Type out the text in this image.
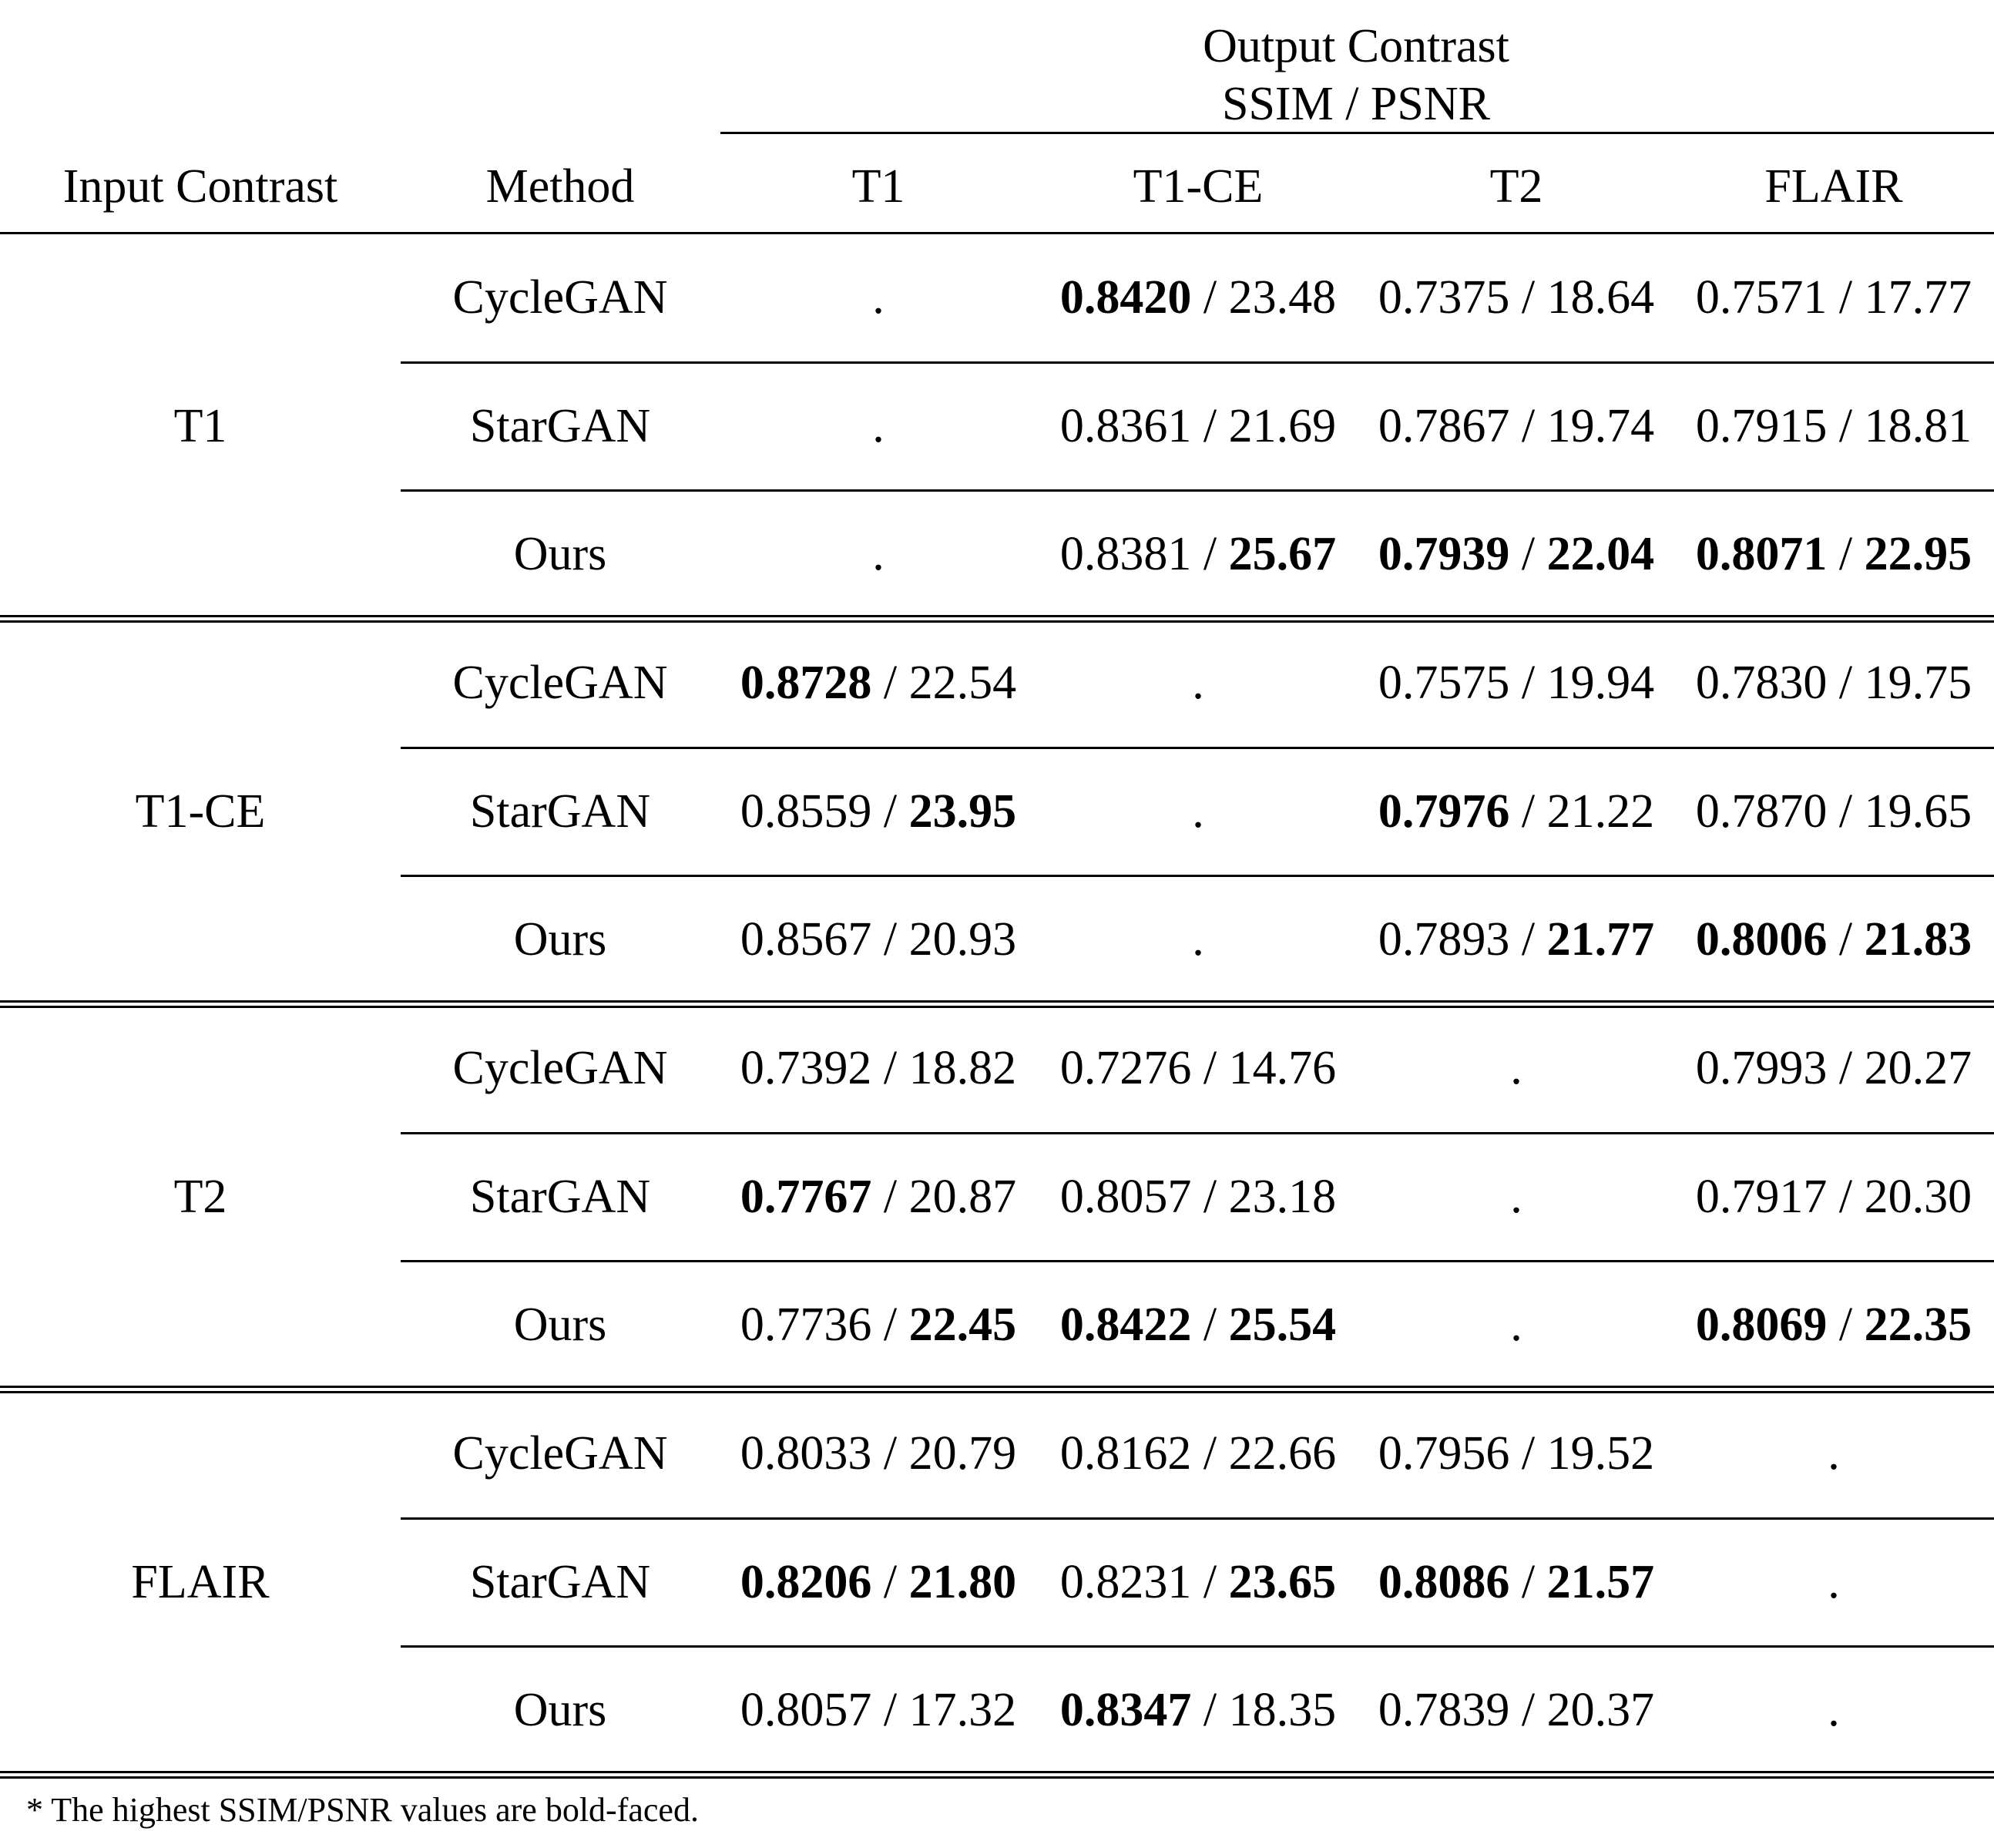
Output Contrast
SSIM / PSNR
Input Contrast	Method	T1	T1-CE	T2	FLAIR
T1
CycleGAN	.	0.8420 / 23.48 0.7375 / 18.64 0.7571 / 17.77
StarGAN	.	0.8361 / 21.69 0.7867 / 19.74 0.7915 / 18.81
Ours	.	0.8381 / 25.67 0.7939 / 22.04 0.8071 / 22.95
T1-CE
CycleGAN 0.8728 / 22.54	.	0.7575 / 19.94 0.7830 / 19.75
StarGAN 0.8559 / 23.95	.	0.7976 / 21.22 0.7870 / 19.65
Ours	0.8567 / 20.93	.	0.7893 / 21.77 0.8006 / 21.83
T2
CycleGAN 0.7392 / 18.82 0.7276 / 14.76	.	0.7993 / 20.27
StarGAN 0.7767 / 20.87 0.8057 / 23.18	.	0.7917 / 20.30
Ours	0.7736 / 22.45 0.8422 / 25.54	.	0.8069 / 22.35
FLAIR
CycleGAN 0.8033 / 20.79 0.8162 / 22.66 0.7956 / 19.52	.
StarGAN 0.8206 / 21.80 0.8231 / 23.65 0.8086 / 21.57	.
Ours	0.8057 / 17.32 0.8347 / 18.35 0.7839 / 20.37	.
* The highest SSIM/PSNR values are bold-faced.
